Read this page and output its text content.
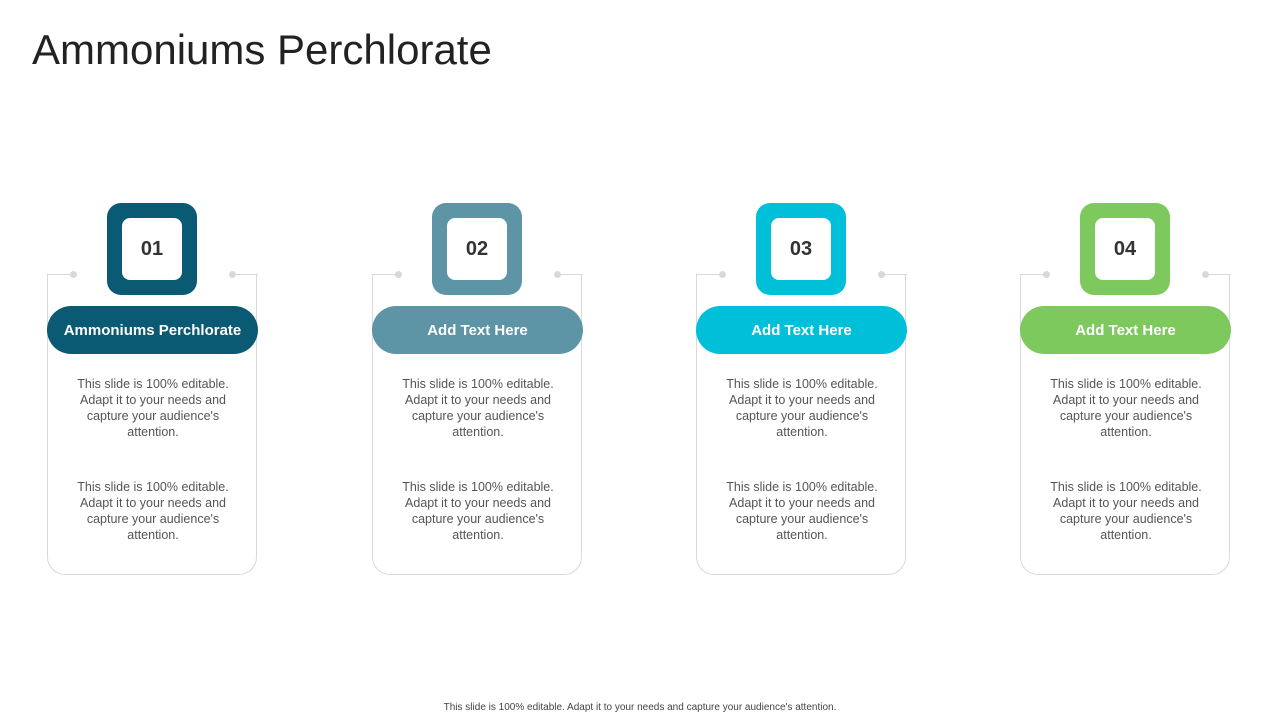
Ammoniums Perchlorate
01
Ammoniums Perchlorate

This slide is 100% editable. Adapt it to your needs and capture your audience's attention.

This slide is 100% editable. Adapt it to your needs and capture your audience's attention.

02
Add Text Here

This slide is 100% editable. Adapt it to your needs and capture your audience's attention.

This slide is 100% editable. Adapt it to your needs and capture your audience's attention.

03
Add Text Here

This slide is 100% editable. Adapt it to your needs and capture your audience's attention.

This slide is 100% editable. Adapt it to your needs and capture your audience's attention.

04
Add Text Here

This slide is 100% editable. Adapt it to your needs and capture your audience's attention.

This slide is 100% editable. Adapt it to your needs and capture your audience's attention.

This slide is 100% editable. Adapt it to your needs and capture your audience's attention.
